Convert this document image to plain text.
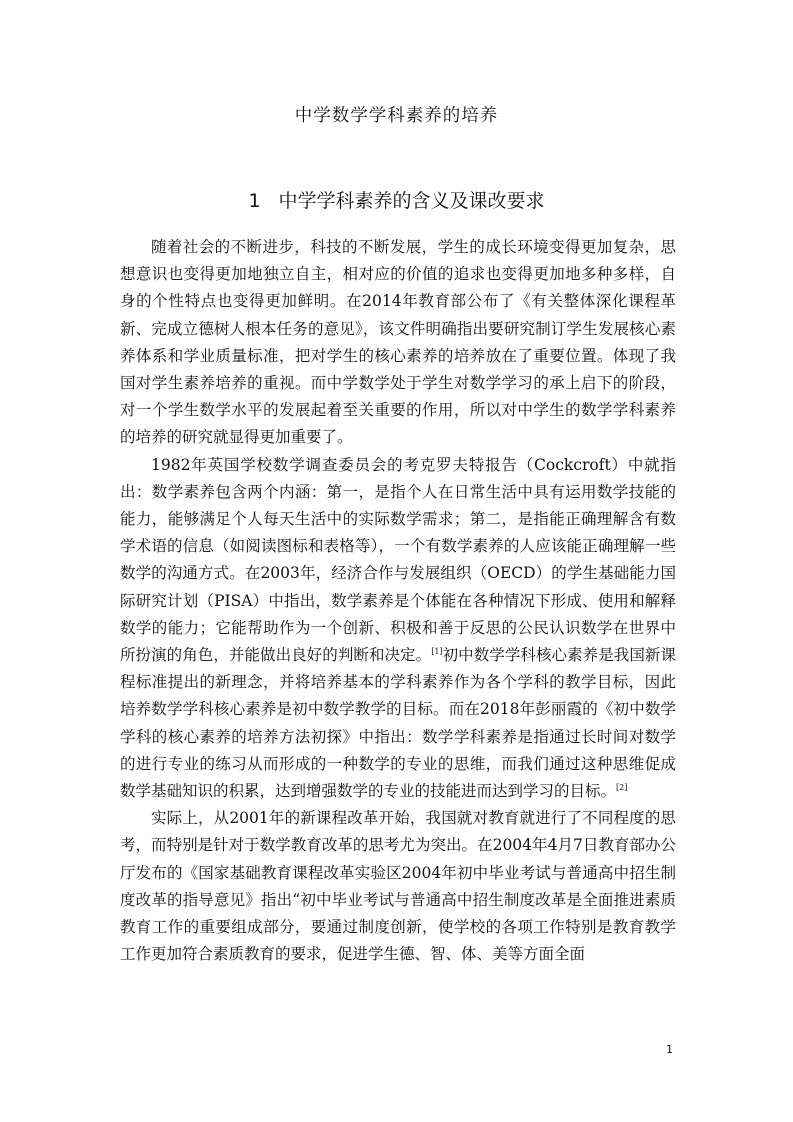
中学数学学科素养的培养
1 中学学科素养的含义及课改要求

随着社会的不断进步，科技的不断发展，学生的成长环境变得更加复杂，思想意识也变得更加地独立自主，相对应的价值的追求也变得更加地多种多样，自身的个性特点也变得更加鲜明。在2014年教育部公布了《有关整体深化课程革新、完成立德树人根本任务的意见》，该文件明确指出要研究制订学生发展核心素养体系和学业质量标准，把对学生的核心素养的培养放在了重要位置。体现了我国对学生素养培养的重视。而中学数学处于学生对数学学习的承上启下的阶段，对一个学生数学水平的发展起着至关重要的作用，所以对中学生的数学学科素养的培养的研究就显得更加重要了。

1982年英国学校数学调查委员会的考克罗夫特报告（Cockcroft）中就指出：数学素养包含两个内涵：第一，是指个人在日常生活中具有运用数学技能的能力，能够满足个人每天生活中的实际数学需求；第二，是指能正确理解含有数学术语的信息（如阅读图标和表格等），一个有数学素养的人应该能正确理解一些 数学的沟通方式。在2003年，经济合作与发展组织（OECD）的学生基础能力国际研究计划（PISA）中指出，数学素养是个体能在各种情况下形成、使用和解释数学的能力；它能帮助作为一个创新、积极和善于反思的公民认识数学在世界中所扮演的角色，并能做出良好的判断和决定。[1]初中数学学科核心素养是我国新课程标准提出的新理念，并将培养基本的学科素养作为各个学科的教学目标，因此培养数学学科核心素养是初中数学教学的目标。而在2018年彭丽霞的《初中数学学科的核心素养的培养方法初探》中指出：数学学科素养是指通过长时间对数学的进行专业的练习从而形成的一种数学的专业的思维，而我们通过这种思维促成数学基础知识的积累，达到增强数学的专业的技能进而达到学习的目标。[2]

实际上，从2001年的新课程改革开始，我国就对教育就进行了不同程度的思考，而特别是针对于数学教育改革的思考尤为突出。在2004年4月7日教育部办公厅发布的《国家基础教育课程改革实验区2004年初中毕业考试与普通高中招生制度改革的指导意见》指出“初中毕业考试与普通高中招生制度改革是全面推进素质教育工作的重要组成部分，要通过制度创新，使学校的各项工作特别是教育教学工作更加符合素质教育的要求，促进学生德、智、体、美等方面全面

1
